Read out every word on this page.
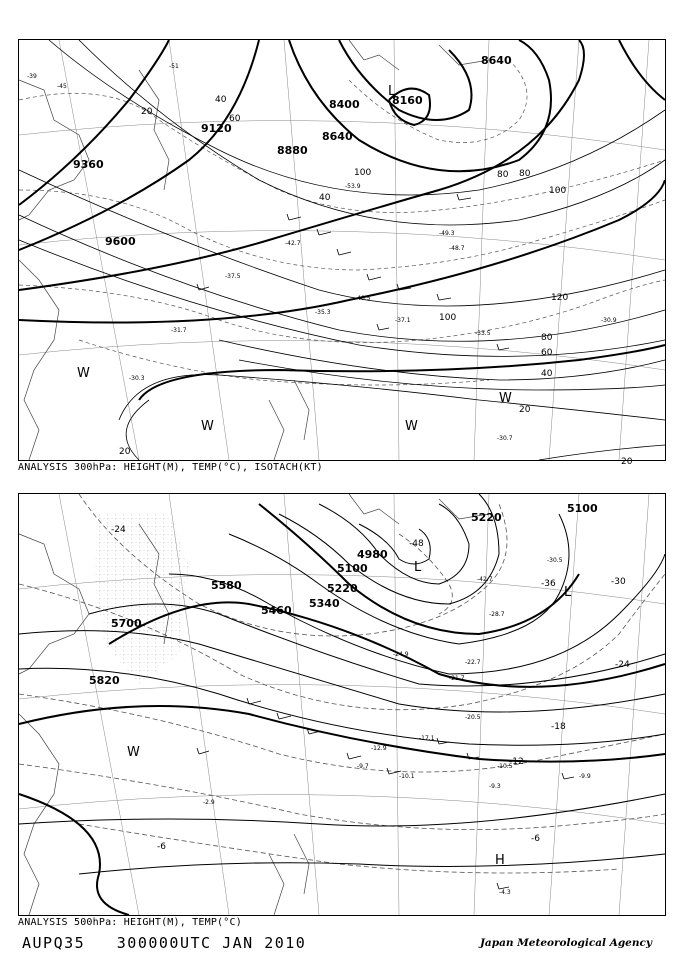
9600
9360
9120
8880
8640
8400	8160
8640
20
40
60
80
100
120
100
80
60
40
20
20
40
80
100
20
L
W
W	W
W
-39
-45
-51
-37.5
-40.5
-35.3
-37.1
-33.5
-30.9
-31.7
-30.3
-30.7
-49.3
-53.9
-48.7
-42.7
ANALYSIS 300hPa: HEIGHT(M), TEMP(°C), ISOTACH(KT)
5820
5700
5580
5460
5340
5220
5100
4980
5220
5100
-24
-48
-36	-30
-24
-18
-12
-6
-6
L
L
H
W
-24.9
-22.7
-20.5
-10.5
-9.9
-12.9
-10.1
-9.3
-4.3
-2.9
-9.7
-17.1
-21.7
-28.7
-30.5
-42.7
ANALYSIS 500hPa: HEIGHT(M), TEMP(°C)
AUPQ35   300000UTC JAN 2010	Japan Meteorological Agency
